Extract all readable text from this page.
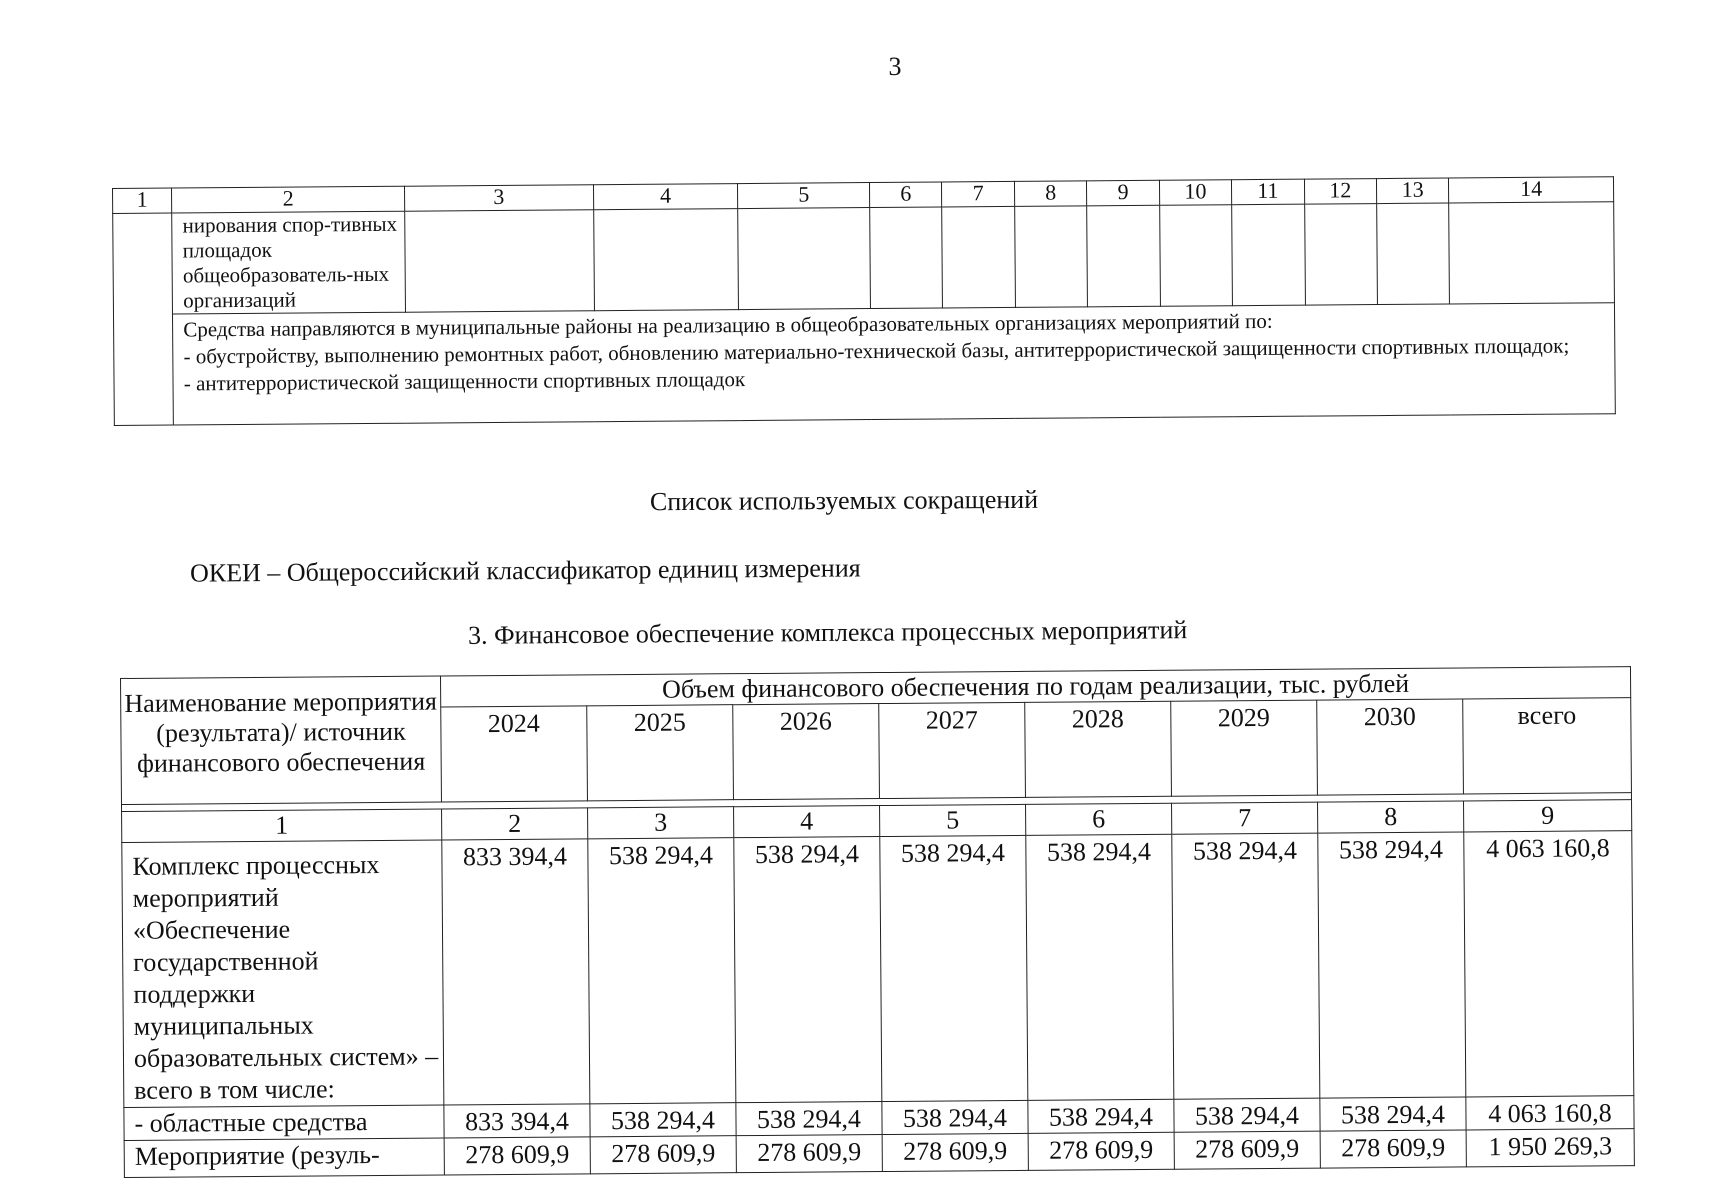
3
1	2	3	4	5	6	7	8	9	10	11	12	13	14
	нирования спор-тивных площадок общеобразователь-ных организаций												

	Средства направляются в муниципальные районы на реализацию в общеобразовательных организациях мероприятий по:
- обустройству, выполнению ремонтных работ, обновлению материально-технической базы, антитеррористической защищенности спортивных площадок;
- антитеррористической защищенности спортивных площадок												
Список используемых сокращений
ОКЕИ – Общероссийский классификатор единиц измерения
3. Финансовое обеспечение комплекса процессных мероприятий
Наименование мероприятия (результата)/ источник финансового обеспечения	Объем финансового обеспечения по годам реализации, тыс. рублей							
	2024	2025	2026	2027	2028	2029	2030	всего

1	2	3	4	5	6	7	8	9
Комплекс процессных мероприятий «Обеспечение государственной поддержки муниципальных образовательных систем» – всего в том числе:	833 394,4	538 294,4	538 294,4	538 294,4	538 294,4	538 294,4	538 294,4	4 063 160,8
- областные средства	833 394,4	538 294,4	538 294,4	538 294,4	538 294,4	538 294,4	538 294,4	4 063 160,8
Мероприятие (резуль-	278 609,9	278 609,9	278 609,9	278 609,9	278 609,9	278 609,9	278 609,9	1 950 269,3
